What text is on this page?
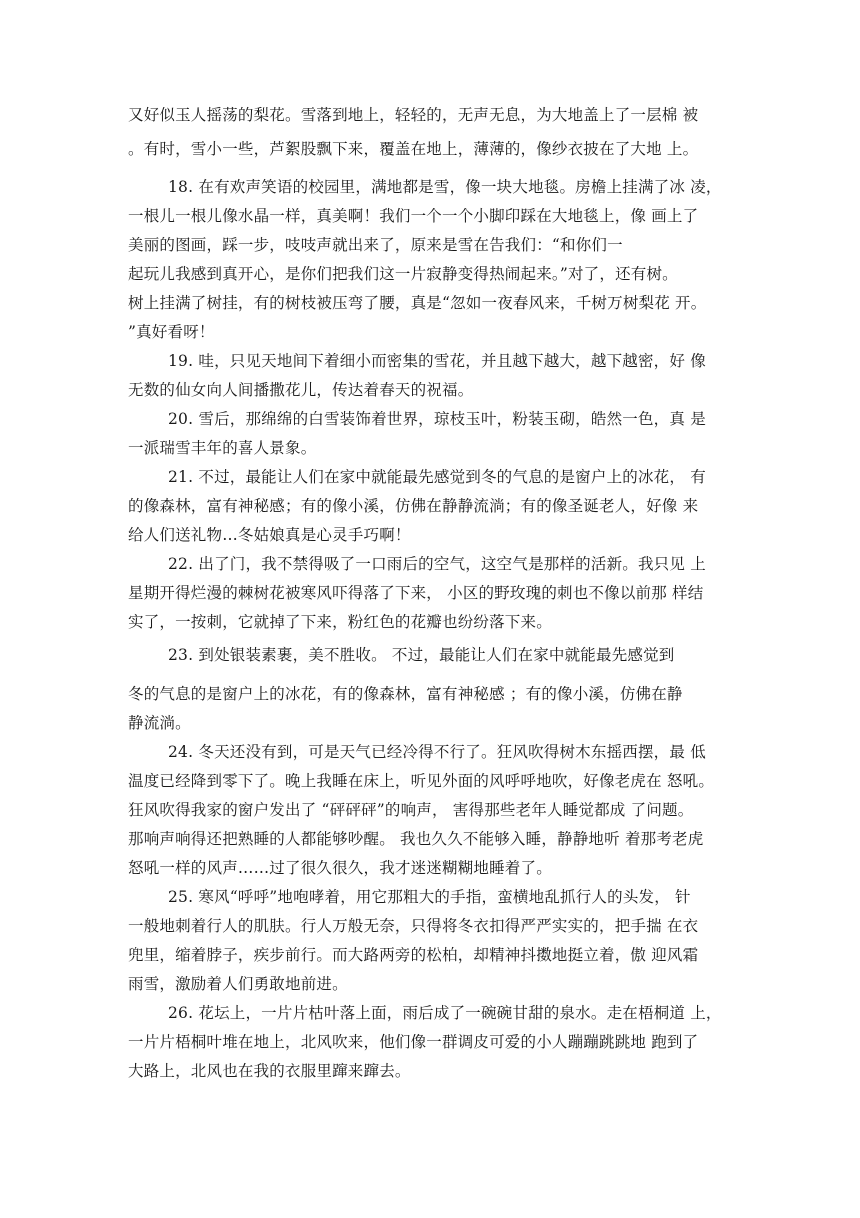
又好似玉人摇荡的梨花。雪落到地上，轻轻的，无声无息，为大地盖上了一层棉 被
。有时，雪小一些，芦絮股飘下来，覆盖在地上，薄薄的，像纱衣披在了大地 上。
18. 在有欢声笑语的校园里，满地都是雪，像一块大地毯。房檐上挂满了冰 凌，
一根儿一根儿像水晶一样，真美啊！我们一个一个小脚印踩在大地毯上，像 画上了
美丽的图画，踩一步，吱吱声就出来了，原来是雪在告我们：“和你们一
起玩儿我感到真开心，是你们把我们这一片寂静变得热闹起来。”对了，还有树。
树上挂满了树挂，有的树枝被压弯了腰，真是“忽如一夜春风来，千树万树梨花 开。
”真好看呀！
19. 哇，只见天地间下着细小而密集的雪花，并且越下越大，越下越密，好 像
无数的仙女向人间播撒花儿，传达着春天的祝福。
20. 雪后，那绵绵的白雪装饰着世界，琼枝玉叶，粉装玉砌，皓然一色，真 是
一派瑞雪丰年的喜人景象。
21. 不过，最能让人们在家中就能最先感觉到冬的气息的是窗户上的冰花， 有
的像森林，富有神秘感；有的像小溪，仿佛在静静流淌；有的像圣诞老人，好像 来
给人们送礼物…冬姑娘真是心灵手巧啊！
22. 出了门，我不禁得吸了一口雨后的空气，这空气是那样的活新。我只见 上
星期开得烂漫的棘树花被寒风吓得落了下来， 小区的野玫瑰的刺也不像以前那 样结
实了，一按刺，它就掉了下来，粉红色的花瓣也纷纷落下来。
23. 到处银装素裹，美不胜收。 不过，最能让人们在家中就能最先感觉到
冬的气息的是窗户上的冰花，有的像森林，富有神秘感 ；有的像小溪，仿佛在静
静流淌。
24. 冬天还没有到，可是天气已经冷得不行了。狂风吹得树木东摇西摆，最 低
温度已经降到零下了。晚上我睡在床上，听见外面的风呼呼地吹，好像老虎在 怒吼。
狂风吹得我家的窗户发出了 “砰砰砰”的响声， 害得那些老年人睡觉都成 了问题。
那响声响得还把熟睡的人都能够吵醒。 我也久久不能够入睡，静静地听 着那考老虎
怒吼一样的风声……过了很久很久，我才迷迷糊糊地睡着了。
25. 寒风“呼呼”地咆哮着，用它那粗大的手指，蛮横地乱抓行人的头发， 针
一般地刺着行人的肌肤。行人万般无奈，只得将冬衣扣得严严实实的，把手揣 在衣
兜里，缩着脖子，疾步前行。而大路两旁的松柏，却精神抖擞地挺立着，傲 迎风霜
雨雪，激励着人们勇敢地前进。
26. 花坛上，一片片枯叶落上面，雨后成了一碗碗甘甜的泉水。走在梧桐道 上，
一片片梧桐叶堆在地上，北风吹来，他们像一群调皮可爱的小人蹦蹦跳跳地 跑到了
大路上，北风也在我的衣服里蹿来蹿去。
